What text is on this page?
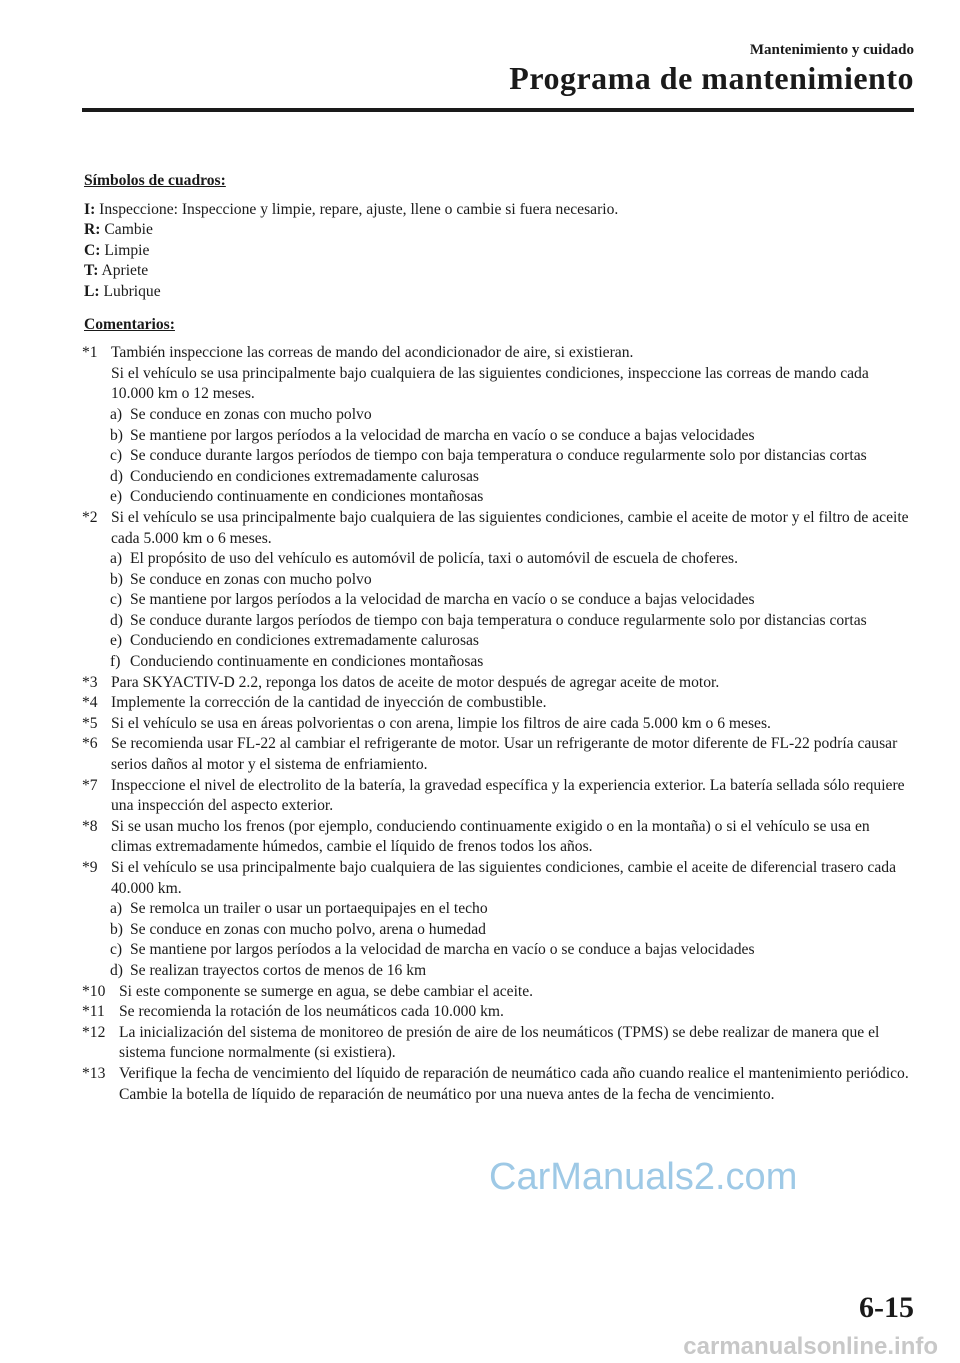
Mantenimiento y cuidado
Programa de mantenimiento
Símbolos de cuadros:
I: Inspeccione: Inspeccione y limpie, repare, ajuste, llene o cambie si fuera necesario.
R: Cambie
C: Limpie
T: Apriete
L: Lubrique
Comentarios:
*1 También inspeccione las correas de mando del acondicionador de aire, si existieran.
Si el vehículo se usa principalmente bajo cualquiera de las siguientes condiciones, inspeccione las correas de mando cada 10.000 km o 12 meses.
a) Se conduce en zonas con mucho polvo
b) Se mantiene por largos períodos a la velocidad de marcha en vacío o se conduce a bajas velocidades
c) Se conduce durante largos períodos de tiempo con baja temperatura o conduce regularmente solo por distancias cortas
d) Conduciendo en condiciones extremadamente calurosas
e) Conduciendo continuamente en condiciones montañosas
*2 Si el vehículo se usa principalmente bajo cualquiera de las siguientes condiciones, cambie el aceite de motor y el filtro de aceite cada 5.000 km o 6 meses.
a) El propósito de uso del vehículo es automóvil de policía, taxi o automóvil de escuela de choferes.
b) Se conduce en zonas con mucho polvo
c) Se mantiene por largos períodos a la velocidad de marcha en vacío o se conduce a bajas velocidades
d) Se conduce durante largos períodos de tiempo con baja temperatura o conduce regularmente solo por distancias cortas
e) Conduciendo en condiciones extremadamente calurosas
f) Conduciendo continuamente en condiciones montañosas
*3 Para SKYACTIV-D 2.2, reponga los datos de aceite de motor después de agregar aceite de motor.
*4 Implemente la corrección de la cantidad de inyección de combustible.
*5 Si el vehículo se usa en áreas polvorientas o con arena, limpie los filtros de aire cada 5.000 km o 6 meses.
*6 Se recomienda usar FL-22 al cambiar el refrigerante de motor. Usar un refrigerante de motor diferente de FL-22 podría causar serios daños al motor y el sistema de enfriamiento.
*7 Inspeccione el nivel de electrolito de la batería, la gravedad específica y la experiencia exterior. La batería sellada sólo requiere una inspección del aspecto exterior.
*8 Si se usan mucho los frenos (por ejemplo, conduciendo continuamente exigido o en la montaña) o si el vehículo se usa en climas extremadamente húmedos, cambie el líquido de frenos todos los años.
*9 Si el vehículo se usa principalmente bajo cualquiera de las siguientes condiciones, cambie el aceite de diferencial trasero cada 40.000 km.
a) Se remolca un trailer o usar un portaequipajes en el techo
b) Se conduce en zonas con mucho polvo, arena o humedad
c) Se mantiene por largos períodos a la velocidad de marcha en vacío o se conduce a bajas velocidades
d) Se realizan trayectos cortos de menos de 16 km
*10 Si este componente se sumerge en agua, se debe cambiar el aceite.
*11 Se recomienda la rotación de los neumáticos cada 10.000 km.
*12 La inicialización del sistema de monitoreo de presión de aire de los neumáticos (TPMS) se debe realizar de manera que el sistema funcione normalmente (si existiera).
*13 Verifique la fecha de vencimiento del líquido de reparación de neumático cada año cuando realice el mantenimiento periódico. Cambie la botella de líquido de reparación de neumático por una nueva antes de la fecha de vencimiento.
CarManuals2.com
6-15
carmanualsonline.info
